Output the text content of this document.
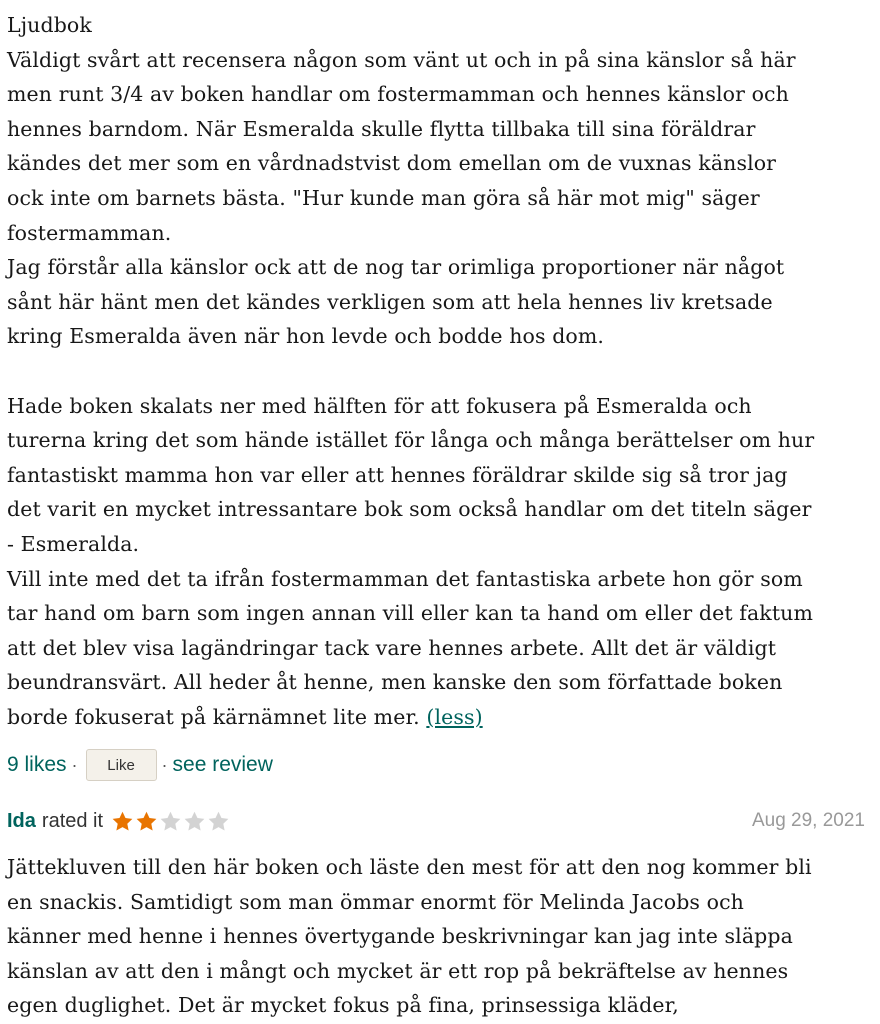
Ljudbok

Väldigt svårt att recensera någon som vänt ut och in på sina känslor så här

men runt 3/4 av boken handlar om fostermamman och hennes känslor och

hennes barndom. När Esmeralda skulle flytta tillbaka till sina föräldrar

kändes det mer som en vårdnadstvist dom emellan om de vuxnas känslor

ock inte om barnets bästa. "Hur kunde man göra så här mot mig" säger

fostermamman.

Jag förstår alla känslor ock att de nog tar orimliga proportioner när något

sånt här hänt men det kändes verkligen som att hela hennes liv kretsade

kring Esmeralda även när hon levde och bodde hos dom.

Hade boken skalats ner med hälften för att fokusera på Esmeralda och

turerna kring det som hände istället för långa och många berättelser om hur

fantastiskt mamma hon var eller att hennes föräldrar skilde sig så tror jag

det varit en mycket intressantare bok som också handlar om det titeln säger

- Esmeralda.

Vill inte med det ta ifrån fostermamman det fantastiska arbete hon gör som

tar hand om barn som ingen annan vill eller kan ta hand om eller det faktum

att det blev visa lagändringar tack vare hennes arbete. Allt det är väldigt

beundransvärt. All heder åt henne, men kanske den som författade boken

borde fokuserat på kärnämnet lite mer. (less)

9 likes ·	Like	· see review
Ida rated it	Aug 29, 2021

Jättekluven till den här boken och läste den mest för att den nog kommer bli

en snackis. Samtidigt som man ömmar enormt för Melinda Jacobs och

känner med henne i hennes övertygande beskrivningar kan jag inte släppa

känslan av att den i mångt och mycket är ett rop på bekräftelse av hennes

egen duglighet. Det är mycket fokus på fina, prinsessiga kläder,
